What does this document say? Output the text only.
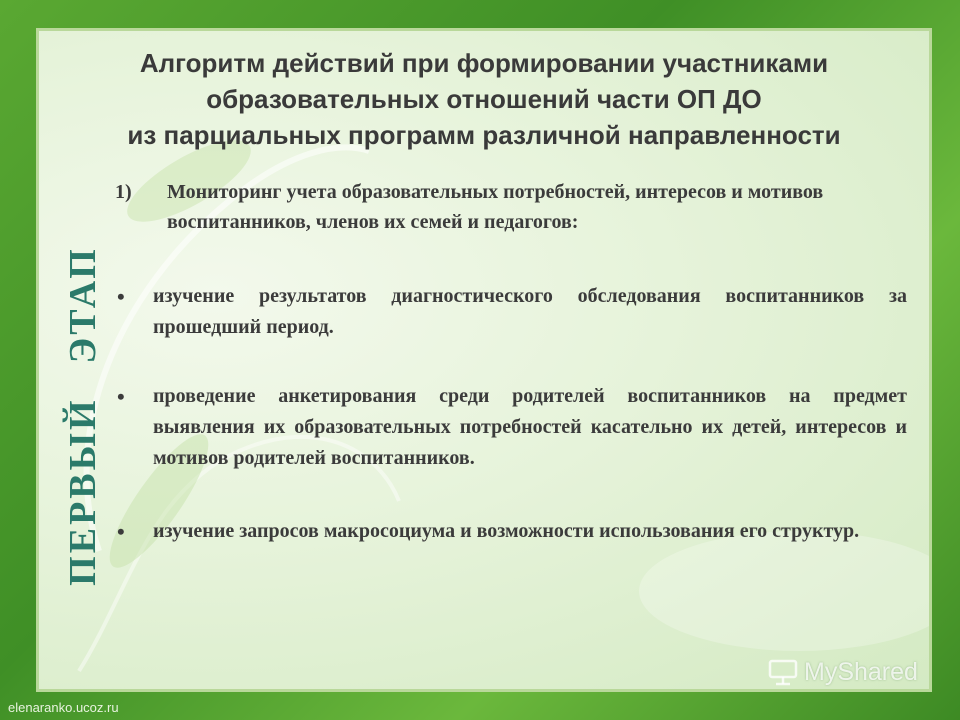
Алгоритм действий при формировании участниками
образовательных отношений части ОП ДО
из парциальных программ различной направленности
ПЕРВЫЙЭТАП
1) Мониторинг учета образовательных потребностей, интересов и мотивов воспитанников, членов их семей и педагогов:
• изучение результатов диагностического обследования воспитанников за прошедший период.
• проведение анкетирования среди родителей воспитанников на предмет выявления их образовательных потребностей касательно их детей, интересов и мотивов родителей воспитанников.
• изучение запросов макросоциума и возможности использования его структур.
MyShared
elenaranko.ucoz.ru
